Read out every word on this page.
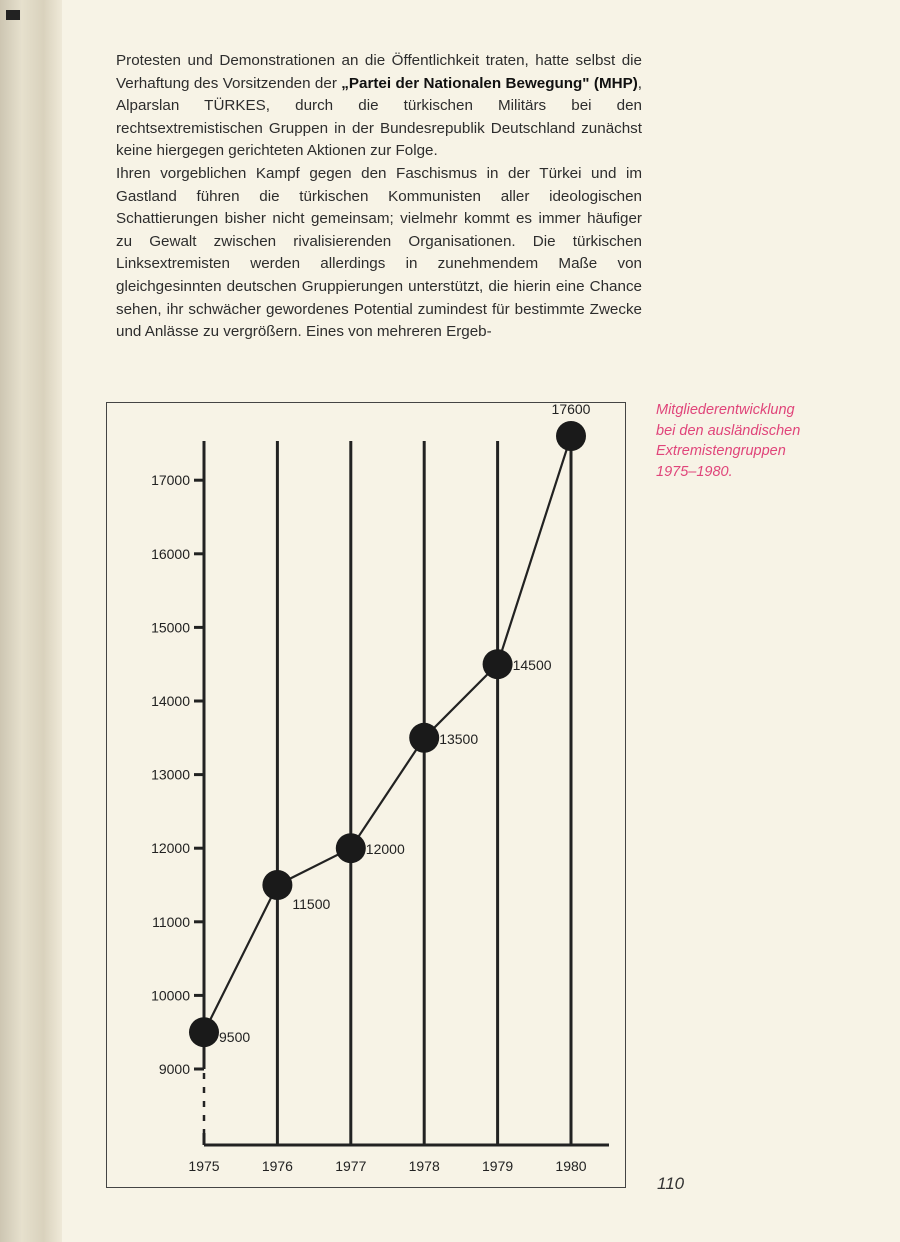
Protesten und Demonstrationen an die Öffentlichkeit traten, hatte selbst die Verhaftung des Vorsitzenden der „Partei der Nationalen Bewegung" (MHP), Alparslan TÜRKES, durch die türkischen Militärs bei den rechtsextremistischen Gruppen in der Bundesrepublik Deutschland zunächst keine hiergegen gerichteten Aktionen zur Folge.

Ihren vorgeblichen Kampf gegen den Faschismus in der Türkei und im Gastland führen die türkischen Kommunisten aller ideologischen Schattierungen bisher nicht gemeinsam; vielmehr kommt es immer häufiger zu Gewalt zwischen rivalisierenden Organisationen. Die türkischen Linksextremisten werden allerdings in zunehmendem Maße von gleichgesinnten deutschen Gruppierungen unterstützt, die hierin eine Chance sehen, ihr schwächer gewordenes Potential zumindest für bestimmte Zwecke und Anlässe zu vergrößern. Eines von mehreren Ergeb-

1975	1976	1977	1978	1979	1980
9000
10000
11000
12000
13000
14000
15000
16000
17000
9500
11500
12000
13500
14500
17600	Mitgliederentwicklung
bei den ausländischen
Extremistengruppen
1975–1980.

110
